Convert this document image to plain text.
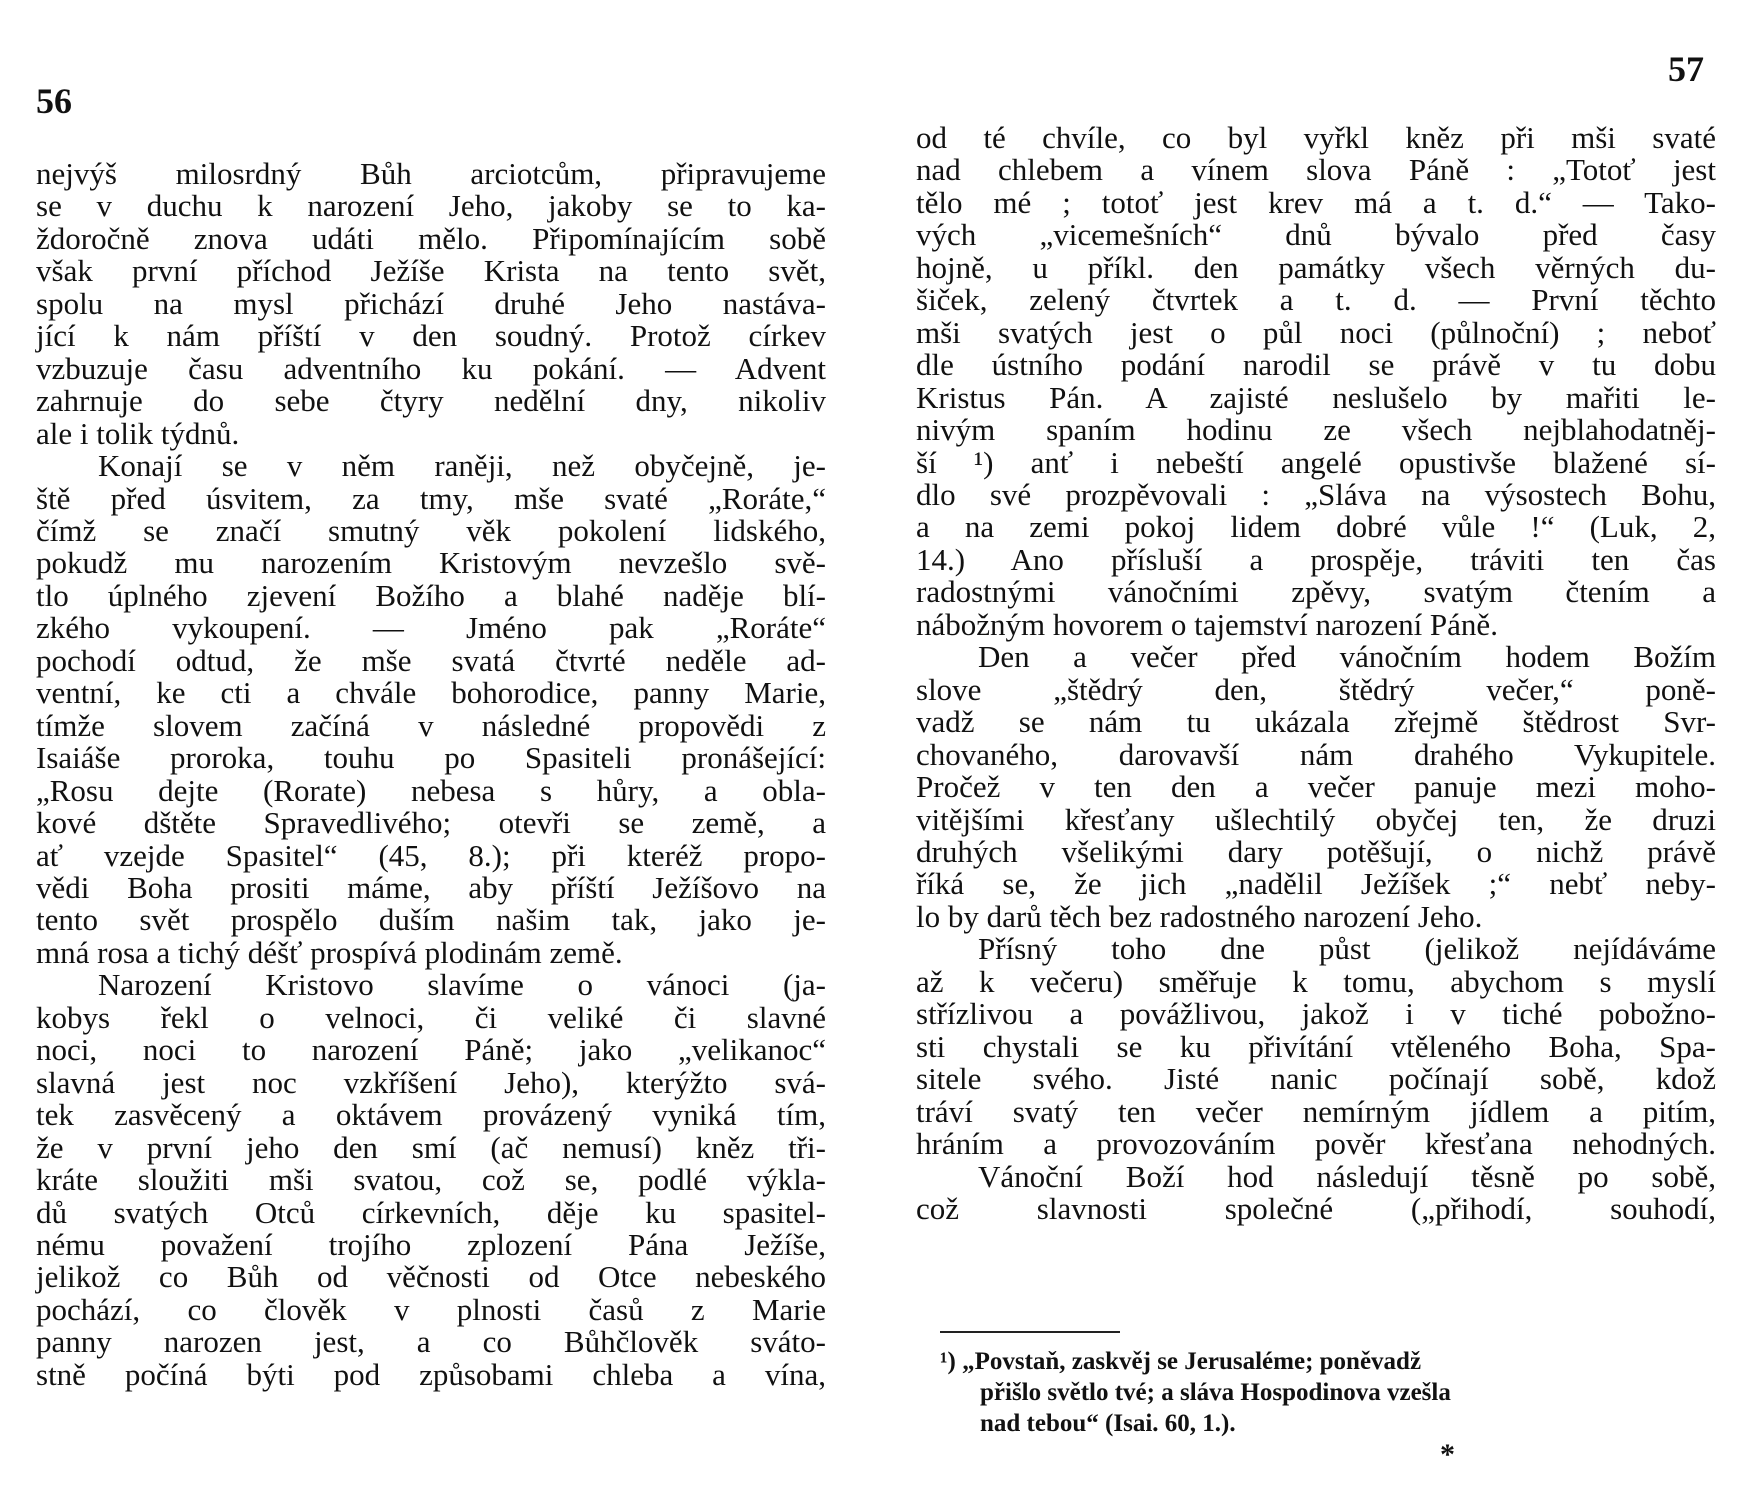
56
nejvýš milosrdný Bůh arciotcům, připravujeme
se v duchu k narození Jeho, jakoby se to ka-
ždoročně znova udáti mělo. Připomínajícím sobě
však první příchod Ježíše Krista na tento svět,
spolu na mysl přichází druhé Jeho nastáva-
jící k nám příští v den soudný. Protož církev
vzbuzuje času adventního ku pokání. — Advent
zahrnuje do sebe čtyry nedělní dny, nikoliv
ale i tolik týdnů.
Konají se v něm raněji, než obyčejně, je-
ště před úsvitem, za tmy, mše svaté „Roráte,“
čímž se značí smutný věk pokolení lidského,
pokudž mu narozením Kristovým nevzešlo svě-
tlo úplného zjevení Božího a blahé naděje blí-
zkého vykoupení. — Jméno pak „Roráte“
pochodí odtud, že mše svatá čtvrté neděle ad-
ventní, ke cti a chvále bohorodice, panny Marie,
tímže slovem začíná v následné propovědi z
Isaiáše proroka, touhu po Spasiteli pronášející:
„Rosu dejte (Rorate) nebesa s hůry, a obla-
kové dštěte Spravedlivého; otevři se země, a
ať vzejde Spasitel“ (45, 8.); při kteréž propo-
vědi Boha prositi máme, aby příští Ježíšovo na
tento svět prospělo duším našim tak, jako je-
mná rosa a tichý déšť prospívá plodinám země.
Narození Kristovo slavíme o vánoci (ja-
kobys řekl o velnoci, či veliké či slavné
noci, noci to narození Páně; jako „velikanoc“
slavná jest noc vzkříšení Jeho), kterýžto svá-
tek zasvěcený a oktávem provázený vyniká tím,
že v první jeho den smí (ač nemusí) kněz tři-
kráte sloužiti mši svatou, což se, podlé výkla-
dů svatých Otců církevních, děje ku spasitel-
nému považení trojího zplození Pána Ježíše,
jelikož co Bůh od věčnosti od Otce nebeského
pochází, co člověk v plnosti časů z Marie
panny narozen jest, a co Bůhčlověk sváto-
stně počíná býti pod způsobami chleba a vína,
57
od té chvíle, co byl vyřkl kněz při mši svaté
nad chlebem a vínem slova Páně : „Totoť jest
tělo mé ; totoť jest krev má a t. d.“ — Tako-
vých „vicemešních“ dnů bývalo před časy
hojně, u příkl. den památky všech věrných du-
šiček, zelený čtvrtek a t. d. — První těchto
mši svatých jest o půl noci (půlnoční) ; neboť
dle ústního podání narodil se právě v tu dobu
Kristus Pán. A zajisté neslušelo by mařiti le-
nivým spaním hodinu ze všech nejblahodatněj-
ší ¹) anť i nebeští angelé opustivše blažené sí-
dlo své prozpěvovali : „Sláva na výsostech Bohu,
a na zemi pokoj lidem dobré vůle !“ (Luk, 2,
14.) Ano přísluší a prospěje, tráviti ten čas
radostnými vánočními zpěvy, svatým čtením a
nábožným hovorem o tajemství narození Páně.
Den a večer před vánočním hodem Božím
slove „štědrý den, štědrý večer,“ poně-
vadž se nám tu ukázala zřejmě štědrost Svr-
chovaného, darovavší nám drahého Vykupitele.
Pročež v ten den a večer panuje mezi moho-
vitějšími křesťany ušlechtilý obyčej ten, že druzi
druhých všelikými dary potěšují, o nichž právě
říká se, že jich „nadělil Ježíšek ;“ nebť neby-
lo by darů těch bez radostného narození Jeho.
Přísný toho dne půst (jelikož nejídáváme
až k večeru) směřuje k tomu, abychom s myslí
střízlivou a povážlivou, jakož i v tiché pobožno-
sti chystali se ku přivítání vtěleného Boha, Spa-
sitele svého. Jisté nanic počínají sobě, kdož
tráví svatý ten večer nemírným jídlem a pitím,
hráním a provozováním pověr křesťana nehodných.
Vánoční Boží hod následují těsně po sobě,
což slavnosti společné („přihodí, souhodí,
¹) „Povstaň, zaskvěj se Jerusaléme; poněvadž
přišlo světlo tvé; a sláva Hospodinova vzešla
nad tebou“ (Isai. 60, 1.).
*
